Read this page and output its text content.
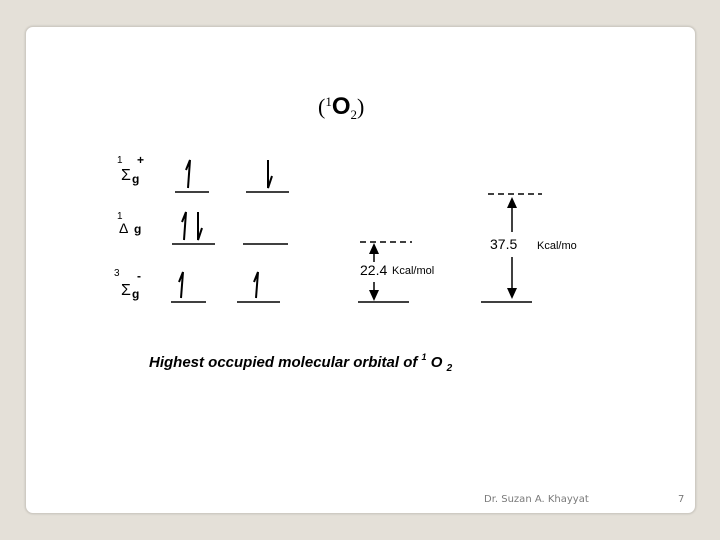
$(^1O_2)$
1
Σ g
+
1
Δ g
3
Σ g
-	22.4 Kcal/mol
37.5 Kcal/mo
Highest occupied molecular orbital of $^1$ O $_2$
Dr. Suzan A. Khayyat	7
